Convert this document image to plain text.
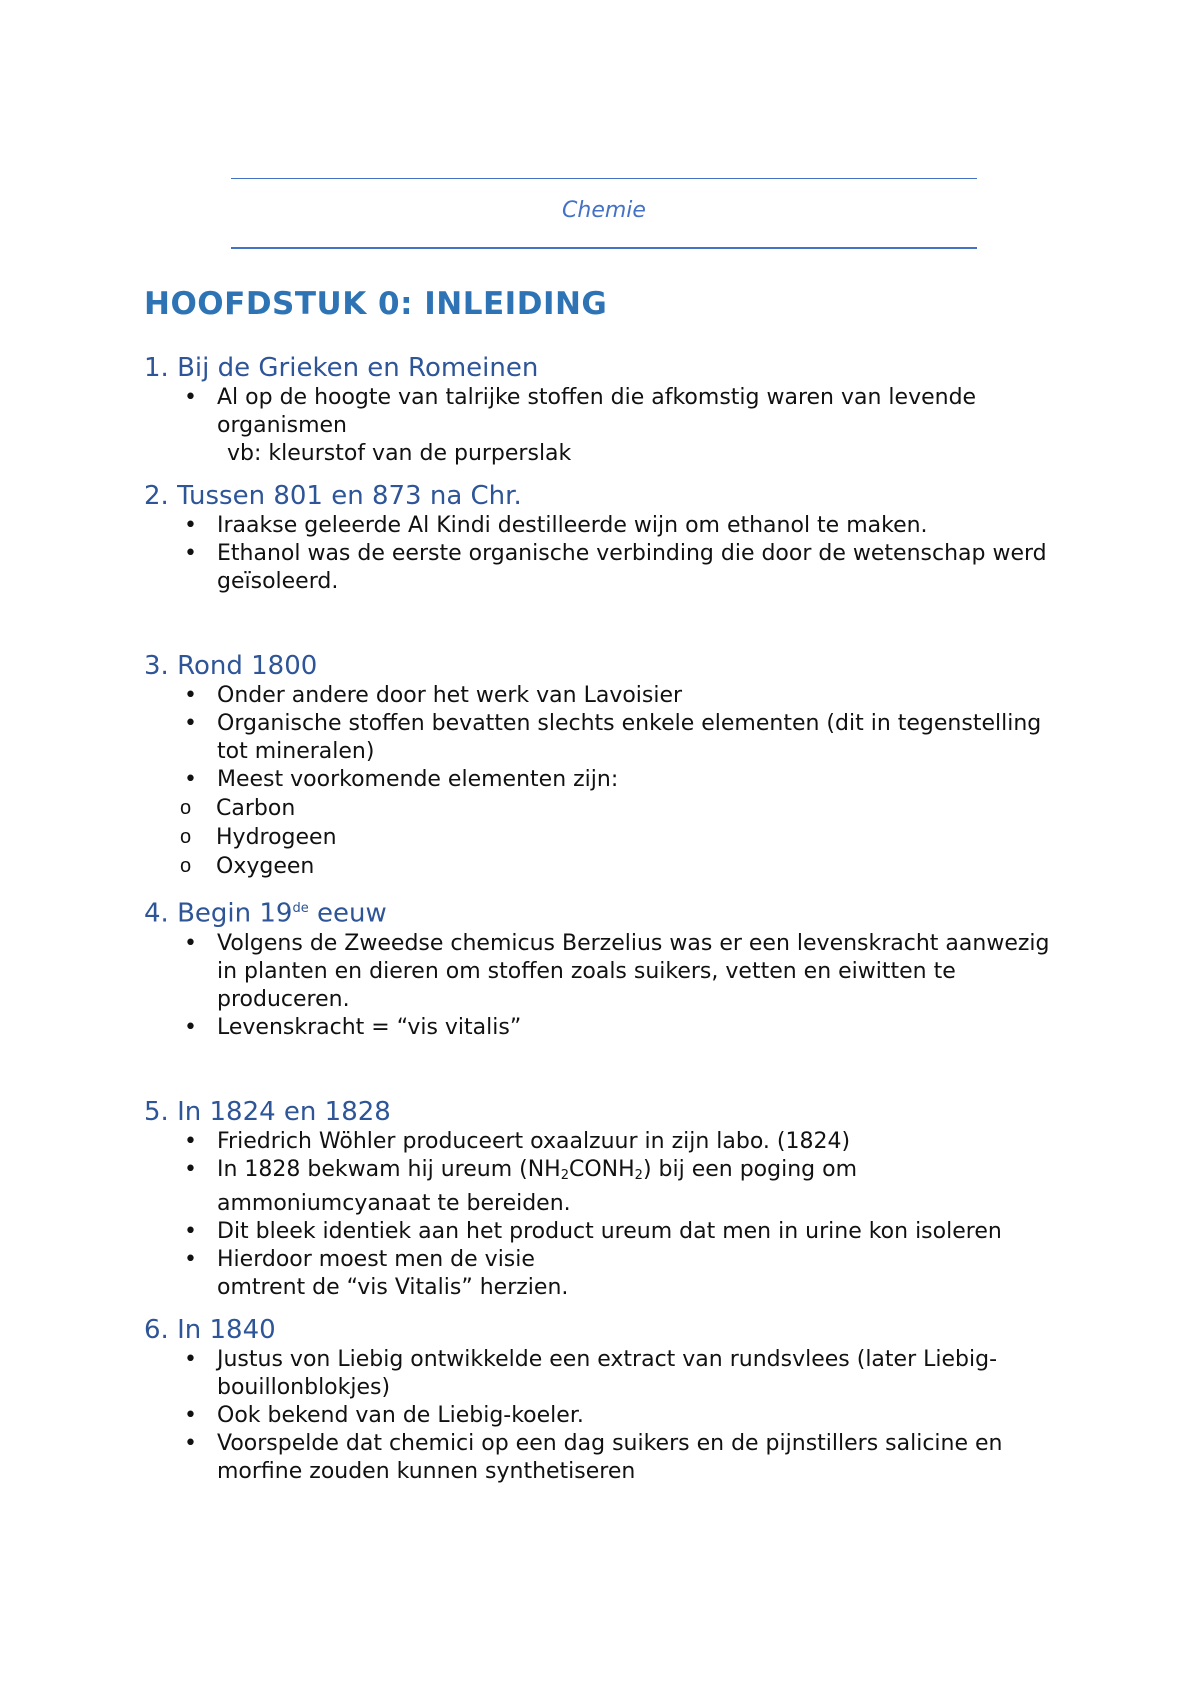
Chemie
HOOFDSTUK 0: INLEIDING
1. Bij de Grieken en Romeinen
• Al op de hoogte van talrijke stoffen die afkomstig waren van levende organismen
vb: kleurstof van de purperslak
2. Tussen 801 en 873 na Chr.
• Iraakse geleerde Al Kindi destilleerde wijn om ethanol te maken.
• Ethanol was de eerste organische verbinding die door de wetenschap werd geïsoleerd.
3. Rond 1800
• Onder andere door het werk van Lavoisier
• Organische stoffen bevatten slechts enkele elementen (dit in tegenstelling tot mineralen)
• Meest voorkomende elementen zijn:
o Carbon
o Hydrogeen
o Oxygeen
4. Begin 19de eeuw
• Volgens de Zweedse chemicus Berzelius was er een levenskracht aanwezig in planten en dieren om stoffen zoals suikers, vetten en eiwitten te produceren.
• Levenskracht = “vis vitalis”
5. In 1824 en 1828
• Friedrich Wöhler produceert oxaalzuur in zijn labo. (1824)
• In 1828 bekwam hij ureum (NH2CONH2) bij een poging om ammoniumcyanaat te bereiden.
• Dit bleek identiek aan het product ureum dat men in urine kon isoleren
• Hierdoor moest men de visie
omtrent de “vis Vitalis” herzien.
6. In 1840
• Justus von Liebig ontwikkelde een extract van rundsvlees (later Liebig-bouillonblokjes)
• Ook bekend van de Liebig-koeler.
• Voorspelde dat chemici op een dag suikers en de pijnstillers salicine en morfine zouden kunnen synthetiseren
